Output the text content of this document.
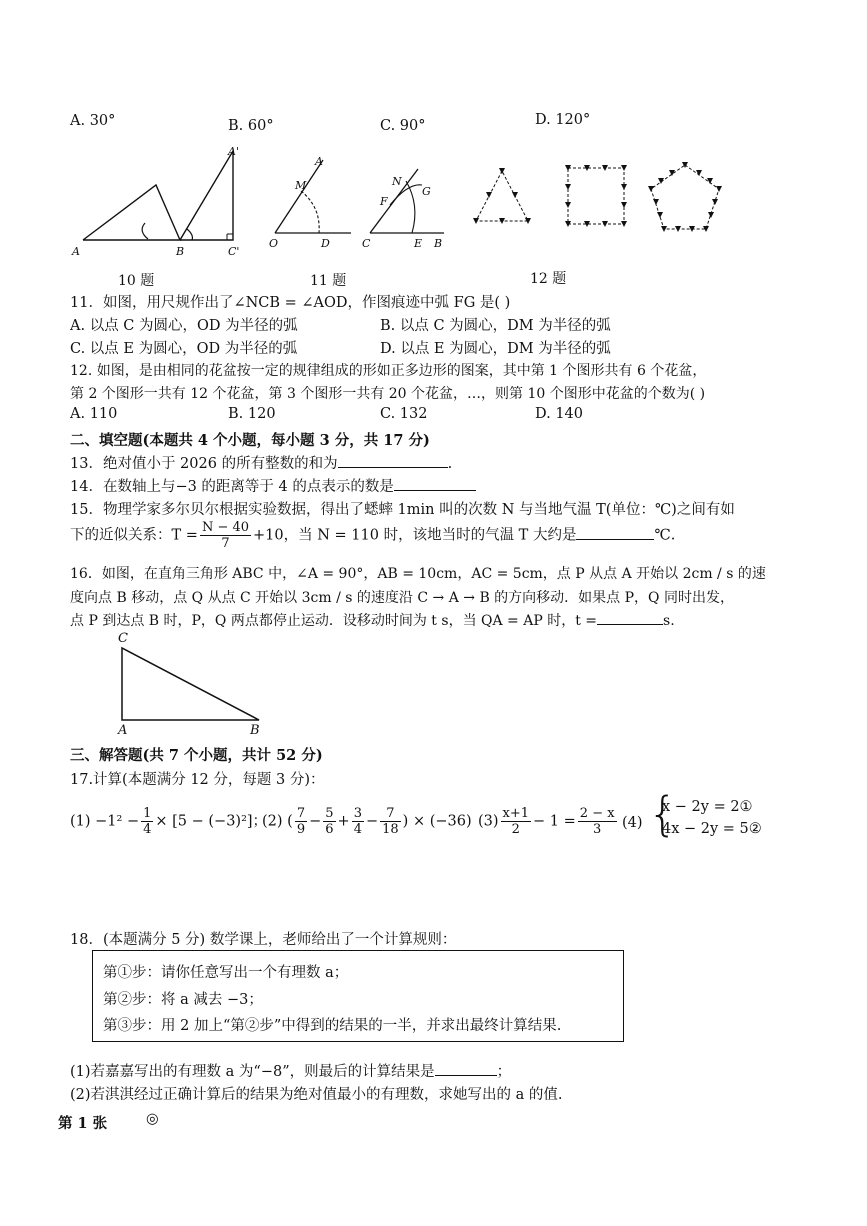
A. 30°	B. 60°	C. 90°	D. 120°
A	B	C'
A'
A
M
O	D
N
G
F
C	E B
10 题	11 题	12 题
11．如图，用尺规作出了∠NCB = ∠AOD，作图痕迹中弧 FG 是( )
A. 以点 C 为圆心，OD 为半径的弧	B. 以点 C 为圆心，DM 为半径的弧
C. 以点 E 为圆心，OD 为半径的弧	D. 以点 E 为圆心，DM 为半径的弧
12. 如图，是由相同的花盆按一定的规律组成的形如正多边形的图案，其中第 1 个图形共有 6 个花盆，
第 2 个图形一共有 12 个花盆，第 3 个图形一共有 20 个花盆，…，则第 10 个图形中花盆的个数为( )
A. 110	B. 120	C. 132	D. 140
二、填空题(本题共 4 个小题，每小题 3 分，共 17 分)
13．绝对值小于 2026 的所有整数的和为	.
14．在数轴上与−3 的距离等于 4 的点表示的数是
15．物理学家多尔贝尔根据实验数据，得出了蟋蟀 1min 叫的次数 N 与当地气温 T(单位：℃)之间有如
下的近似关系：$T = \frac{N - 40}{7} +10$，当 N = 110 时，该地当时的气温 T 大约是	℃.
16．如图，在直角三角形 ABC 中，∠A = 90°，AB = 10cm，AC = 5cm，点 P 从点 A 开始以 2cm / s 的速
度向点 B 移动，点 Q 从点 C 开始以 3cm / s 的速度沿 C → A → B 的方向移动．如果点 P，Q 同时出发，
点 P 到达点 B 时，P，Q 两点都停止运动．设移动时间为 t s，当 QA = AP 时，t =	s.
C
A	B
三、解答题(共 7 个小题，共计 52 分)
17.计算(本题满分 12 分，每题 3 分)：
$(1) -1^2 - \frac{1}{4} \times [5 - (-3)^2]$；
(2) ( $\frac{7}{9} - \frac{5}{6} + \frac{3}{4} - \frac{7}{18}$ ) × (−36) $(3) \frac{x+1}{2} - 1 = \frac{2 - x}{3} (4)$ {
x − 2y = 2①
4x − 2y = 5②
18．(本题满分 5 分) 数学课上，老师给出了一个计算规则：
第①步：请你任意写出一个有理数 a；
第②步：将 a 减去 −3；
第③步：用 2 加上“第②步”中得到的结果的一半，并求出最终计算结果.
(1)若嘉嘉写出的有理数 a 为“−8”，则最后的计算结果是	；
(2)若淇淇经过正确计算后的结果为绝对值最小的有理数，求她写出的 a 的值.
第 1 张	◎
